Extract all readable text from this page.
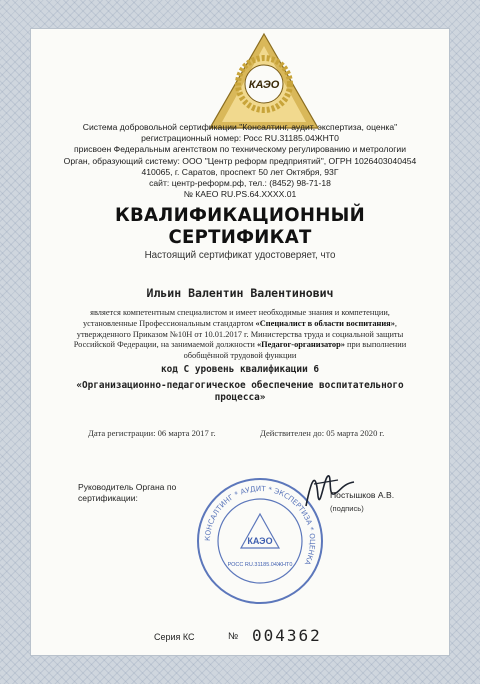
КАЭО
Система добровольной сертификации "Консалтинг, аудит, экспертиза, оценка"
регистрационный номер: Росс RU.31185.04ЖНТ0
присвоен Федеральным агентством по техническому регулированию и метрологии
Орган, образующий систему: ООО "Центр реформ предприятий", ОГРН 1026403040454
410065, г. Саратов, проспект 50 лет Октября, 93Г
сайт: центр-реформ.рф, тел.: (8452) 98-71-18
№ КАЕО RU.PS.64.XXXX.01
КВАЛИФИКАЦИОННЫЙ СЕРТИФИКАТ
Настоящий сертификат удостоверяет, что
Ильин Валентин Валентинович
является компетентным специалистом и имеет необходимые знания и компетенции, установленные Профессиональным стандартом «Специалист в области воспитания», утвержденного Приказом №10Н от 10.01.2017 г. Министерства труда и социальной защиты Российской Федерации, на занимаемой должности «Педагог-организатор» при выполнении обобщённой трудовой функции
код С уровень квалификации 6
«Организационно-педагогическое обеспечение воспитательного процесса»
Дата регистрации: 06 марта 2017 г.	Действителен до: 05 марта 2020 г.
Руководитель Органа по сертификации:
КОНСАЛТИНГ * АУДИТ * ЭКСПЕРТИЗА * ОЦЕНКА
КАЭО
РОСС RU.31185.04ЖНТ0
Постышков А.В.
(подпись)
Серия КС	№ 004362
